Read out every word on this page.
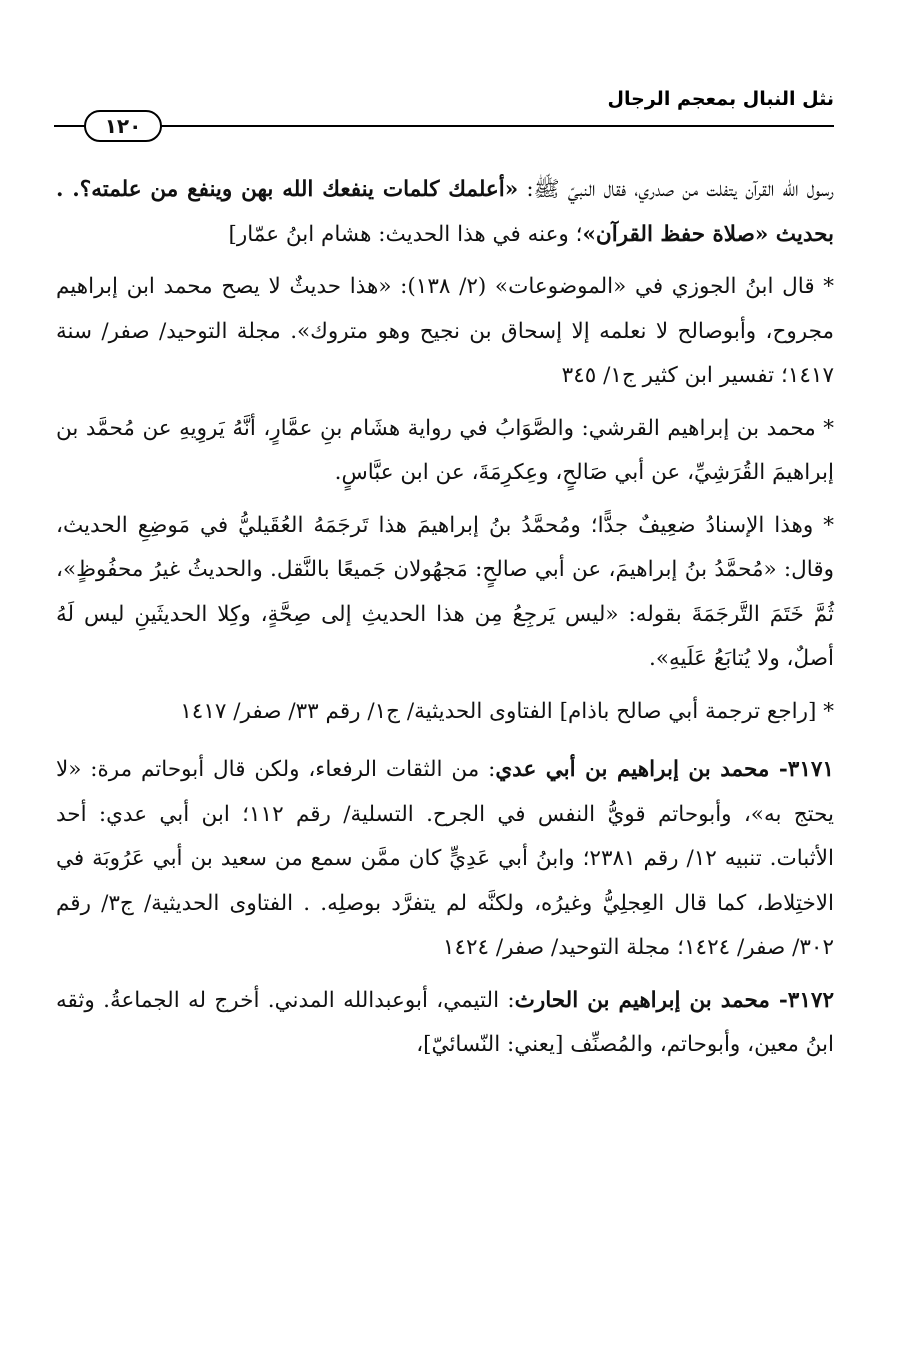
نثل النبال بمعجم الرجال
١٢٠

رسول الله القرآن يتفلت من صدري، فقال النبيّ ﷺ: «أعلمك كلمات ينفعك الله بهن وينفع من علمته؟. . بحديث «صلاة حفظ القرآن»؛ وعنه في هذا الحديث: هشام ابنُ عمّار]

* قال ابنُ الجوزي في «الموضوعات» (٢/ ١٣٨): «هذا حديثٌ لا يصح محمد ابن إبراهيم مجروح، وأبوصالح لا نعلمه إلا إسحاق بن نجيح وهو متروك». مجلة التوحيد/ صفر/ سنة ١٤١٧؛ تفسير ابن كثير ج١/ ٣٤٥

* محمد بن إبراهيم القرشي: والصَّوَابُ في رواية هشَام بنِ عمَّارٍ، أنَّهُ يَروِيهِ عن مُحمَّد بن إبراهيمَ القُرَشِيِّ، عن أبي صَالحٍ، وعِكرِمَةَ، عن ابن عبَّاسٍ.

* وهذا الإسنادُ ضعِيفٌ جدًّا؛ ومُحمَّدُ بنُ إبراهيمَ هذا تَرجَمَهُ العُقَيليُّ في مَوضِعِ الحديث، وقال: «مُحمَّدُ بنُ إبراهيمَ، عن أبي صالحٍ: مَجهُولان جَميعًا بالنَّقل. والحديثُ غيرُ محفُوظٍ»، ثُمَّ خَتَمَ التَّرجَمَةَ بقوله: «ليس يَرجِعُ مِن هذا الحديثِ إلى صِحَّةٍ، وكِلا الحديثَينِ ليس لَهُ أصلٌ، ولا يُتابَعُ عَلَيهِ».

* [راجع ترجمة أبي صالح باذام] الفتاوى الحديثية/ ج١/ رقم ٣٣/ صفر/ ١٤١٧

٣١٧١- محمد بن إبراهيم بن أبي عدي: من الثقات الرفعاء، ولكن قال أبوحاتم مرة: «لا يحتج به»، وأبوحاتم قويُّ النفس في الجرح. التسلية/ رقم ١١٢؛ ابن أبي عدي: أحد الأثبات. تنبيه ١٢/ رقم ٢٣٨١؛ وابنُ أبي عَدِيٍّ كان ممَّن سمع من سعيد بن أبي عَرُوبَة في الاختِلاط، كما قال العِجلِيُّ وغيرُه، ولكنَّه لم يتفرَّد بوصلِه. . الفتاوى الحديثية/ ج٣/ رقم ٣٠٢/ صفر/ ١٤٢٤؛ مجلة التوحيد/ صفر/ ١٤٢٤

٣١٧٢- محمد بن إبراهيم بن الحارث: التيمي، أبوعبدالله المدني. أخرج له الجماعةُ. وثقه ابنُ معين، وأبوحاتم، والمُصنِّف [يعني: النّسائيّ]،
